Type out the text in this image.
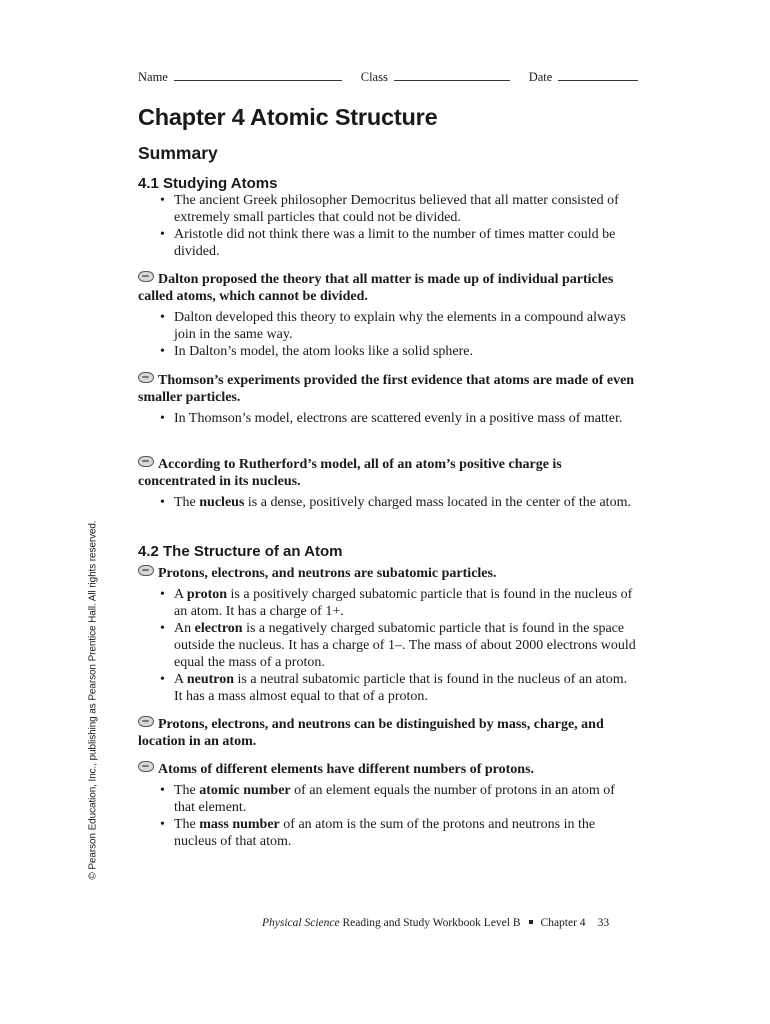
Name	Class	Date
Chapter 4 Atomic Structure
Summary
4.1 Studying Atoms
• The ancient Greek philosopher Democritus believed that all matter consisted of extremely small particles that could not be divided.
• Aristotle did not think there was a limit to the number of times matter could be divided.
Dalton proposed the theory that all matter is made up of individual particles called atoms, which cannot be divided.
• Dalton developed this theory to explain why the elements in a compound always join in the same way.
• In Dalton’s model, the atom looks like a solid sphere.
Thomson’s experiments provided the first evidence that atoms are made of even smaller particles.
• In Thomson’s model, electrons are scattered evenly in a positive mass of matter.
According to Rutherford’s model, all of an atom’s positive charge is concentrated in its nucleus.
• The nucleus is a dense, positively charged mass located in the center of the atom.
4.2 The Structure of an Atom
Protons, electrons, and neutrons are subatomic particles.
• A proton is a positively charged subatomic particle that is found in the nucleus of an atom. It has a charge of 1+.
• An electron is a negatively charged subatomic particle that is found in the space outside the nucleus. It has a charge of 1–. The mass of about 2000 electrons would equal the mass of a proton.
• A neutron is a neutral subatomic particle that is found in the nucleus of an atom. It has a mass almost equal to that of a proton.
Protons, electrons, and neutrons can be distinguished by mass, charge, and location in an atom.
Atoms of different elements have different numbers of protons.
• The atomic number of an element equals the number of protons in an atom of that element.
• The mass number of an atom is the sum of the protons and neutrons in the nucleus of that atom.
© Pearson Education, Inc., publishing as Pearson Prentice Hall. All rights reserved.
Physical Science Reading and Study Workbook Level B Chapter 4 33
